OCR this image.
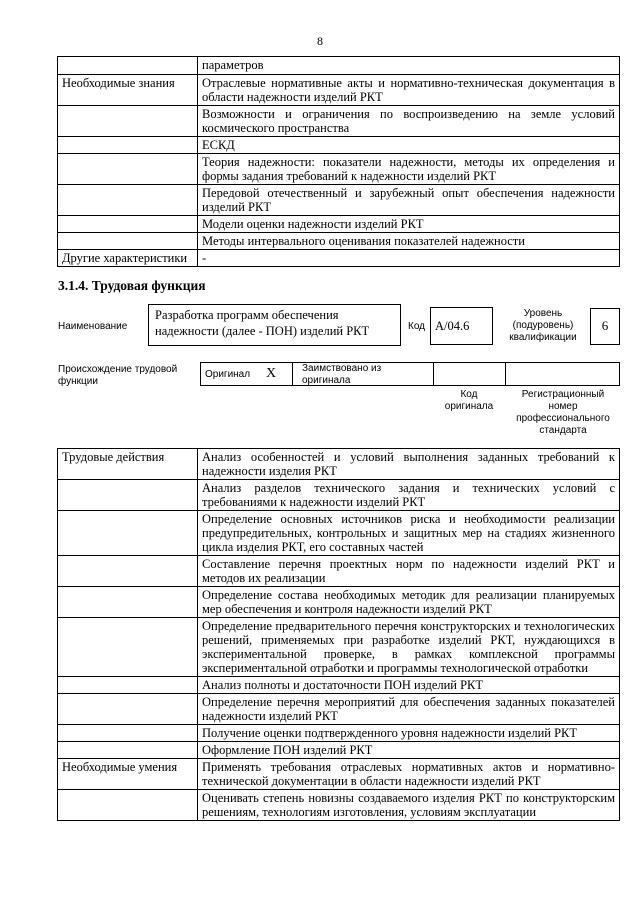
8
	параметров
Необходимые знания	Отраслевые нормативные акты и нормативно-техническая документация в области надежности изделий РКТ
	Возможности и ограничения по воспроизведению на земле условий космического пространства
	ЕСКД
	Теория надежности: показатели надежности, методы их определения и формы задания требований к надежности изделий РКТ
	Передовой отечественный и зарубежный опыт обеспечения надежности изделий РКТ
	Модели оценки надежности изделий РКТ
	Методы интервального оценивания показателей надежности
Другие характеристики	-
3.1.4. Трудовая функция
Наименование
Разработка программ обеспечения надежности (далее - ПОН) изделий РКТ	Код A/04.6
Уровень (подуровень) квалификации
6
Происхождение трудовой функции
Оригинал X	Заимствовано из оригинала
Код оригинала
Регистрационный номер профессионального стандарта
Трудовые действия	Анализ особенностей и условий выполнения заданных требований к надежности изделия РКТ
	Анализ разделов технического задания и технических условий с требованиями к надежности изделий РКТ
	Определение основных источников риска и необходимости реализации предупредительных, контрольных и защитных мер на стадиях жизненного цикла изделия РКТ, его составных частей
	Составление перечня проектных норм по надежности изделий РКТ и методов их реализации
	Определение состава необходимых методик для реализации планируемых мер обеспечения и контроля надежности изделий РКТ
	Определение предварительного перечня конструкторских и технологических решений, применяемых при разработке изделий РКТ, нуждающихся в экспериментальной проверке, в рамках комплексной программы экспериментальной отработки и программы технологической отработки
	Анализ полноты и достаточности ПОН изделий РКТ
	Определение перечня мероприятий для обеспечения заданных показателей надежности изделий РКТ
	Получение оценки подтвержденного уровня надежности изделий РКТ
	Оформление ПОН изделий РКТ
Необходимые умения	Применять требования отраслевых нормативных актов и нормативно-технической документации в области надежности изделий РКТ
	Оценивать степень новизны создаваемого изделия РКТ по конструкторским решениям, технологиям изготовления, условиям эксплуатации
